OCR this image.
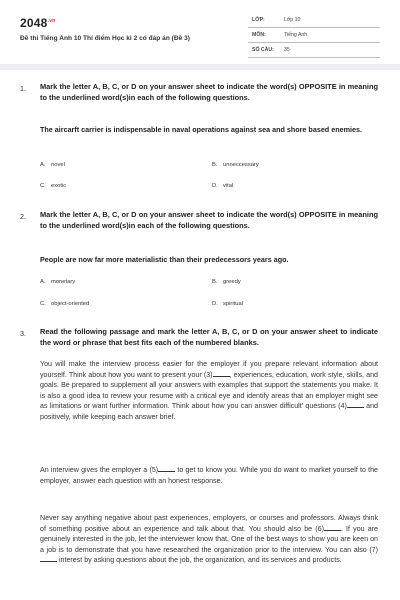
$2048^{.vn}$
Đề thi Tiếng Anh 10 Thí điểm Học kì 2 có đáp án (Đề 3)
LỚP:	Lớp 10
MÔN:	Tiếng Anh
SỐ CÂU: 35
1. Mark the letter A, B, C, or D on your answer sheet to indicate the word(s) OPPOSITE in meaning to the underlined word(s)in each of the following questions.
The aircarft carrier is indispensable in naval operations against sea and shore based enemies.
A. novel	B. unneccessary
C. exotic	D. vital
2. Mark the letter A, B, C, or D on your answer sheet to indicate the word(s) OPPOSITE in meaning to the underlined word(s)in each of the following questions.
People are now far more materialistic than their predecessors years ago.
A. monetary	B. greedy
C. object-oriented	D. spiritual
3. Read the following passage and mark the letter A, B, C, or D on your answer sheet to indicate the word or phrase that best fits each of the numbered blanks.
You will make the interview process easier for the employer if you prepare relevant information about yourself. Think about how you want to present your (3) , experiences, education, work style, skills, and goals. Be prepared to supplement all your answers with examples that support the statements you make. It is also a good idea to review your resume with a critical eye and identify areas that an employer might see as limitations or want further information. Think about how you can answer difficult' questions (4) and positively, while keeping each answer brief.
An interview gives the employer a (5) to get to know you. While you do want to market yourself to the employer, answer each question with an honest response.
Never say anything negative about past experiences, employers, or courses and professors. Always think of something positive about an experience and talk about that. You should also be (6) . If you are genuinely interested in the job, let the interviewer know that. One of the best ways to show you are keen on a job is to demonstrate that you have researched the organization prior to the interview. You can also (7) interest by asking questions about the job, the organization, and its services and products.
